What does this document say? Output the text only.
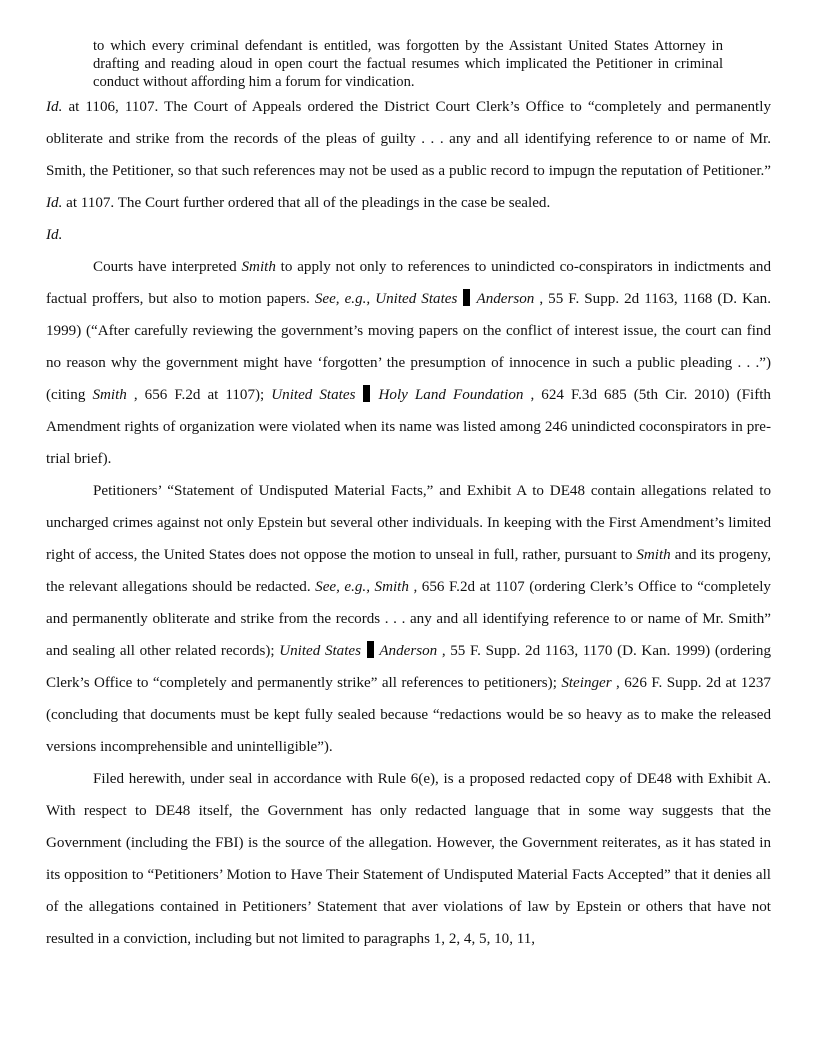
to which every criminal defendant is entitled, was forgotten by the Assistant United States Attorney in drafting and reading aloud in open court the factual resumes which implicated the Petitioner in criminal conduct without affording him a forum for vindication.

Id. at 1106, 1107. The Court of Appeals ordered the District Court Clerk’s Office to “completely and permanently obliterate and strike from the records of the pleas of guilty . . . any and all identifying reference to or name of Mr. Smith, the Petitioner, so that such references may not be used as a public record to impugn the reputation of Petitioner.” Id. at 1107. The Court further ordered that all of the pleadings in the case be sealed.
Id.

Courts have interpreted Smith to apply not only to references to unindicted co-conspirators in indictments and factual proffers, but also to motion papers. See, e.g., United States Anderson , 55 F. Supp. 2d 1163, 1168 (D. Kan. 1999) (“After carefully reviewing the government’s moving papers on the conflict of interest issue, the court can find no reason why the government might have ‘forgotten’ the presumption of innocence in such a public pleading . . .”) (citing Smith , 656 F.2d at 1107); United States Holy Land Foundation , 624 F.3d 685 (5th Cir. 2010) (Fifth Amendment rights of organization were violated when its name was listed among 246 unindicted coconspirators in pre-trial brief).

Petitioners’ “Statement of Undisputed Material Facts,” and Exhibit A to DE48 contain allegations related to uncharged crimes against not only Epstein but several other individuals. In keeping with the First Amendment’s limited right of access, the United States does not oppose the motion to unseal in full, rather, pursuant to Smith and its progeny, the relevant allegations should be redacted. See, e.g., Smith , 656 F.2d at 1107 (ordering Clerk’s Office to “completely and permanently obliterate and strike from the records . . . any and all identifying reference to or name of Mr. Smith” and sealing all other related records); United States Anderson , 55 F. Supp. 2d 1163, 1170 (D. Kan. 1999) (ordering Clerk’s Office to “completely and permanently strike” all references to petitioners); Steinger , 626 F. Supp. 2d at 1237 (concluding that documents must be kept fully sealed because “redactions would be so heavy as to make the released versions incomprehensible and unintelligible”).

Filed herewith, under seal in accordance with Rule 6(e), is a proposed redacted copy of DE48 with Exhibit A. With respect to DE48 itself, the Government has only redacted language that in some way suggests that the Government (including the FBI) is the source of the allegation. However, the Government reiterates, as it has stated in its opposition to “Petitioners’ Motion to Have Their Statement of Undisputed Material Facts Accepted” that it denies all of the allegations contained in Petitioners’ Statement that aver violations of law by Epstein or others that have not resulted in a conviction, including but not limited to paragraphs 1, 2, 4, 5, 10, 11,
